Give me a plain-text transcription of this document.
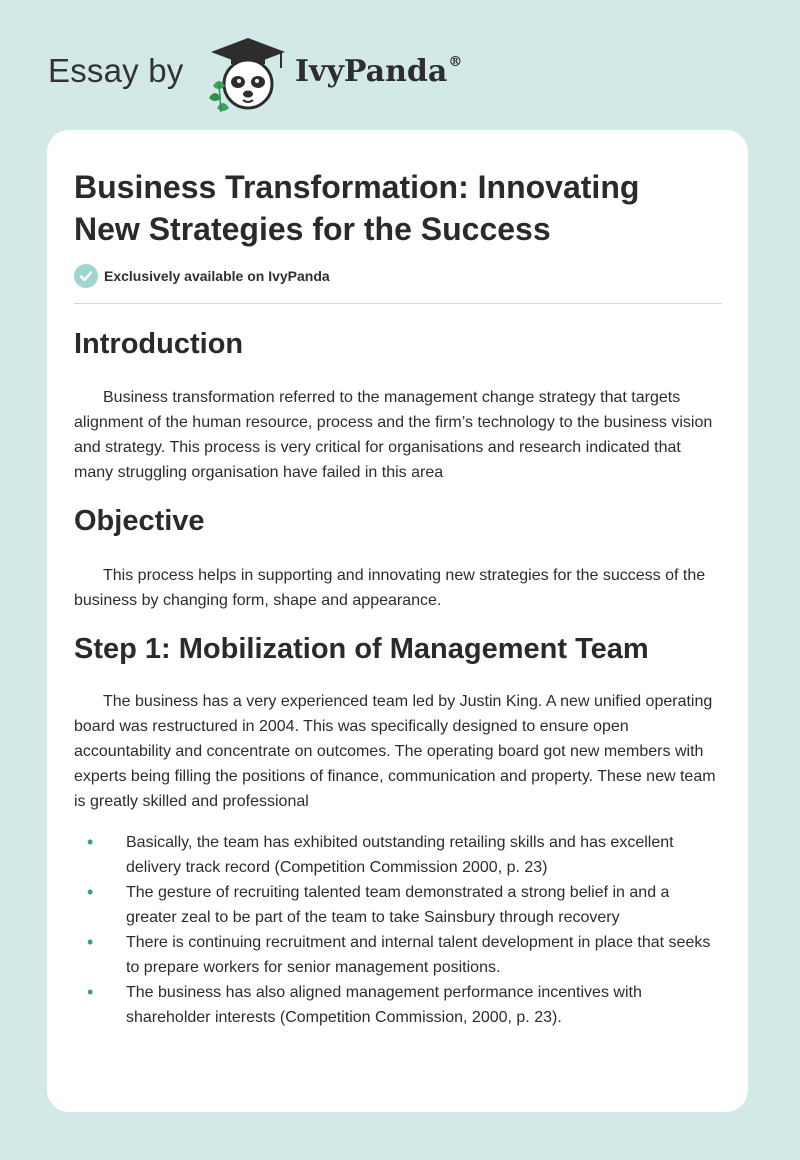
Essay by	IvyPanda®
Business Transformation: Innovating New Strategies for the Success
Exclusively available on IvyPanda
Introduction

Business transformation referred to the management change strategy that targets alignment of the human resource, process and the firm’s technology to the business vision and strategy. This process is very critical for organisations and research indicated that many struggling organisation have failed in this area

Objective

This process helps in supporting and innovating new strategies for the success of the business by changing form, shape and appearance.

Step 1: Mobilization of Management Team

The business has a very experienced team led by Justin King. A new unified operating board was restructured in 2004. This was specifically designed to ensure open accountability and concentrate on outcomes. The operating board got new members with experts being filling the positions of finance, communication and property. These new team is greatly skilled and professional

• Basically, the team has exhibited outstanding retailing skills and has excellent delivery track record (Competition Commission 2000, p. 23)
• The gesture of recruiting talented team demonstrated a strong belief in and a greater zeal to be part of the team to take Sainsbury through recovery
• There is continuing recruitment and internal talent development in place that seeks to prepare workers for senior management positions.
• The business has also aligned management performance incentives with shareholder interests (Competition Commission, 2000, p. 23).
